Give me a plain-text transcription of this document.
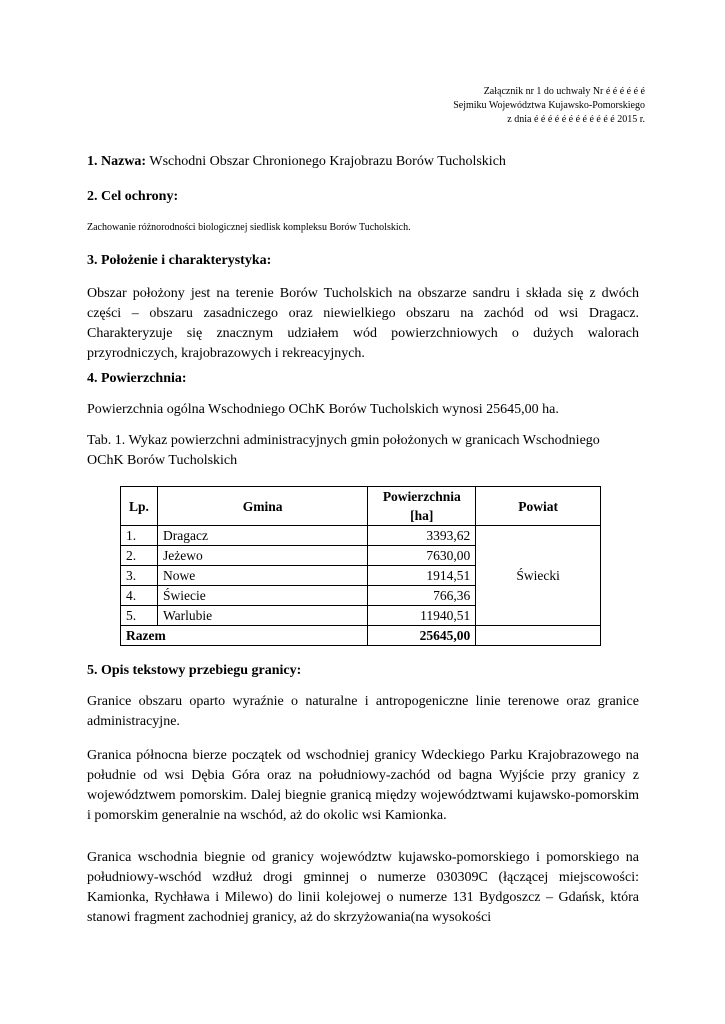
Załącznik nr 1 do uchwały Nr é é é é é é
Sejmiku Województwa Kujawsko-Pomorskiego
z dnia é é é é é é é é é é é é 2015 r.
1. Nazwa: Wschodni Obszar Chronionego Krajobrazu Borów Tucholskich
2. Cel ochrony:
Zachowanie różnorodności biologicznej siedlisk kompleksu Borów Tucholskich.
3. Położenie i charakterystyka:
Obszar położony jest na terenie Borów Tucholskich na obszarze sandru i składa się z dwóch części – obszaru zasadniczego oraz niewielkiego obszaru na zachód od wsi Dragacz. Charakteryzuje się znacznym udziałem wód powierzchniowych o dużych walorach przyrodniczych, krajobrazowych i rekreacyjnych.
4. Powierzchnia:
Powierzchnia ogólna Wschodniego OChK Borów Tucholskich wynosi 25645,00 ha.
Tab. 1. Wykaz powierzchni administracyjnych gmin położonych w granicach Wschodniego OChK Borów Tucholskich
Lp.	Gmina	Powierzchnia [ha]	Powiat
1.	Dragacz	3393,62	Świecki
2.	Jeżewo	7630,00	
3.	Nowe	1914,51	
4.	Świecie	766,36	
5.	Warlubie	11940,51	
Razem		25645,00	
5. Opis tekstowy przebiegu granicy:
Granice obszaru oparto wyraźnie o naturalne i antropogeniczne linie terenowe oraz granice administracyjne.
Granica północna bierze początek od wschodniej granicy Wdeckiego Parku Krajobrazowego na południe od wsi Dębia Góra oraz na południowy-zachód od bagna Wyjście przy granicy z województwem pomorskim. Dalej biegnie granicą między województwami kujawsko-pomorskim i pomorskim generalnie na wschód, aż do okolic wsi Kamionka.
Granica wschodnia biegnie od granicy województw kujawsko-pomorskiego i pomorskiego na południowy-wschód wzdłuż drogi gminnej o numerze 030309C (łączącej miejscowości: Kamionka, Rychława i Milewo) do linii kolejowej o numerze 131 Bydgoszcz – Gdańsk, która stanowi fragment zachodniej granicy, aż do skrzyżowania(na wysokości
